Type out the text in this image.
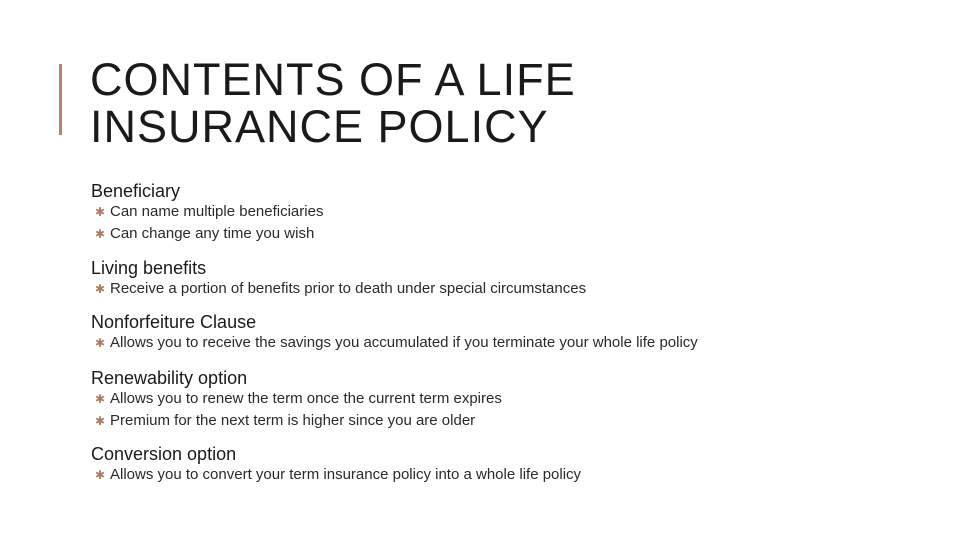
CONTENTS OF A LIFE
INSURANCE POLICY
Beneficiary
✱ Can name multiple beneficiaries
✱ Can change any time you wish
Living benefits
✱ Receive a portion of benefits prior to death under special circumstances
Nonforfeiture Clause
✱ Allows you to receive the savings you accumulated if you terminate your whole life policy
Renewability option
✱ Allows you to renew the term once the current term expires
✱ Premium for the next term is higher since you are older
Conversion option
✱ Allows you to convert your term insurance policy into a whole life policy
